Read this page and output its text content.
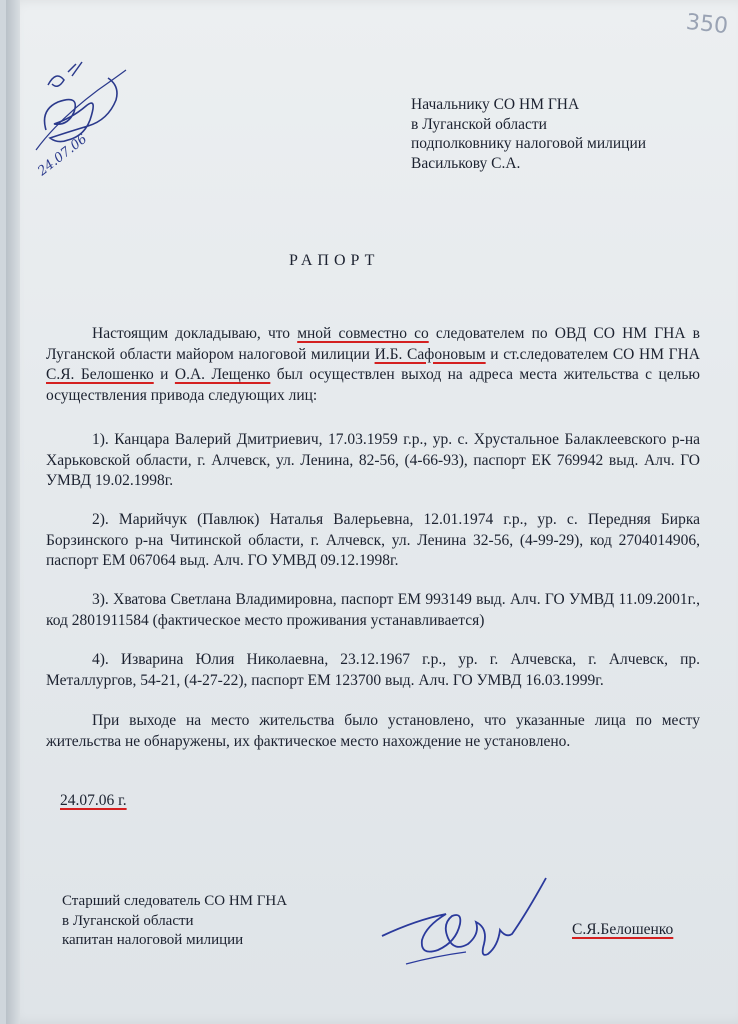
350
24.07.06
Начальнику СО НМ ГНА
в Луганской области
подполковнику налоговой милиции
Василькову С.А.
РАПОРТ
Настоящим докладываю, что мной совместно со следователем по ОВД СО НМ ГНА в Луганской области майором налоговой милиции И.Б. Сафоновым и ст.следователем СО НМ ГНА С.Я. Белошенко и О.А. Лещенко был осуществлен выход на адреса места жительства с целью осуществления привода следующих лиц:
1). Канцара Валерий Дмитриевич, 17.03.1959 г.р., ур. с. Хрустальное Балаклеевского р-на Харьковской области, г. Алчевск, ул. Ленина, 82-56, (4-66-93), паспорт ЕК 769942 выд. Алч. ГО УМВД 19.02.1998г.
2). Марийчук (Павлюк) Наталья Валерьевна, 12.01.1974 г.р., ур. с. Передняя Бирка Борзинского р-на Читинской области, г. Алчевск, ул. Ленина 32-56, (4-99-29), код 2704014906, паспорт ЕМ 067064 выд. Алч. ГО УМВД 09.12.1998г.
3). Хватова Светлана Владимировна, паспорт ЕМ 993149 выд. Алч. ГО УМВД 11.09.2001г., код 2801911584 (фактическое место проживания устанавливается)
4). Изварина Юлия Николаевна, 23.12.1967 г.р., ур. г. Алчевска, г. Алчевск, пр. Металлургов, 54-21, (4-27-22), паспорт ЕМ 123700 выд. Алч. ГО УМВД 16.03.1999г.
При выходе на место жительства было установлено, что указанные лица по месту жительства не обнаружены, их фактическое место нахождение не установлено.
24.07.06 г.
Старший следователь СО НМ ГНА
в Луганской области
капитан налоговой милиции
С.Я.Белошенко
